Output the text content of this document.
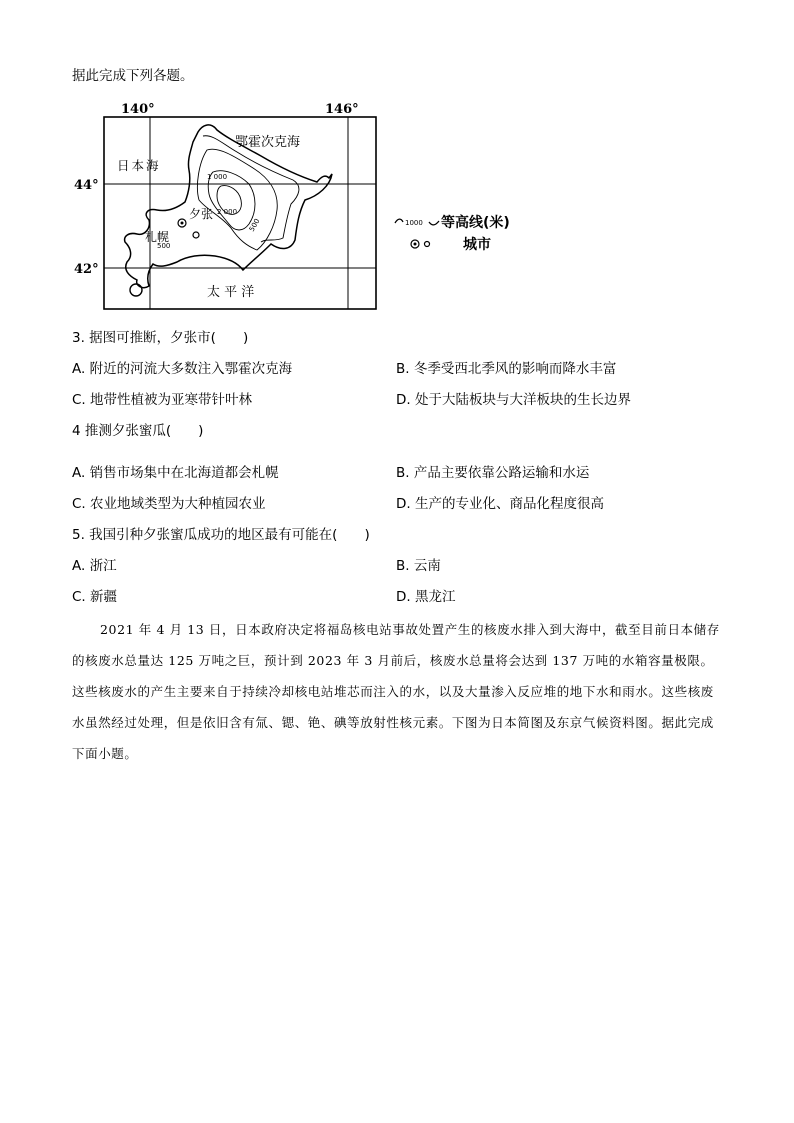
据此完成下列各题。
140°	146°
44°
42°
鄂霍次克海
日本海
太 平 洋
札幌
夕张
1 000
2 000
500
500
1000 等高线(米)
城市
3. 据图可推断，夕张市(　　)
A. 附近的河流大多数注入鄂霍次克海	B. 冬季受西北季风的影响而降水丰富
C. 地带性植被为亚寒带针叶林	D. 处于大陆板块与大洋板块的生长边界
4 推测夕张蜜瓜(　　)
A. 销售市场集中在北海道都会札幌	B. 产品主要依靠公路运输和水运
C. 农业地域类型为大种植园农业	D. 生产的专业化、商品化程度很高
5. 我国引种夕张蜜瓜成功的地区最有可能在(　　)
A. 浙江	B. 云南
C. 新疆	D. 黑龙江
2021 年 4 月 13 日，日本政府决定将福岛核电站事故处置产生的核废水排入到大海中，截至目前日本储存的核废水总量达 125 万吨之巨，预计到 2023 年 3 月前后，核废水总量将会达到 137 万吨的水箱容量极限。这些核废水的产生主要来自于持续冷却核电站堆芯而注入的水，以及大量渗入反应堆的地下水和雨水。这些核废水虽然经过处理，但是依旧含有氚、锶、铯、碘等放射性核元素。下图为日本简图及东京气候资料图。据此完成下面小题。
